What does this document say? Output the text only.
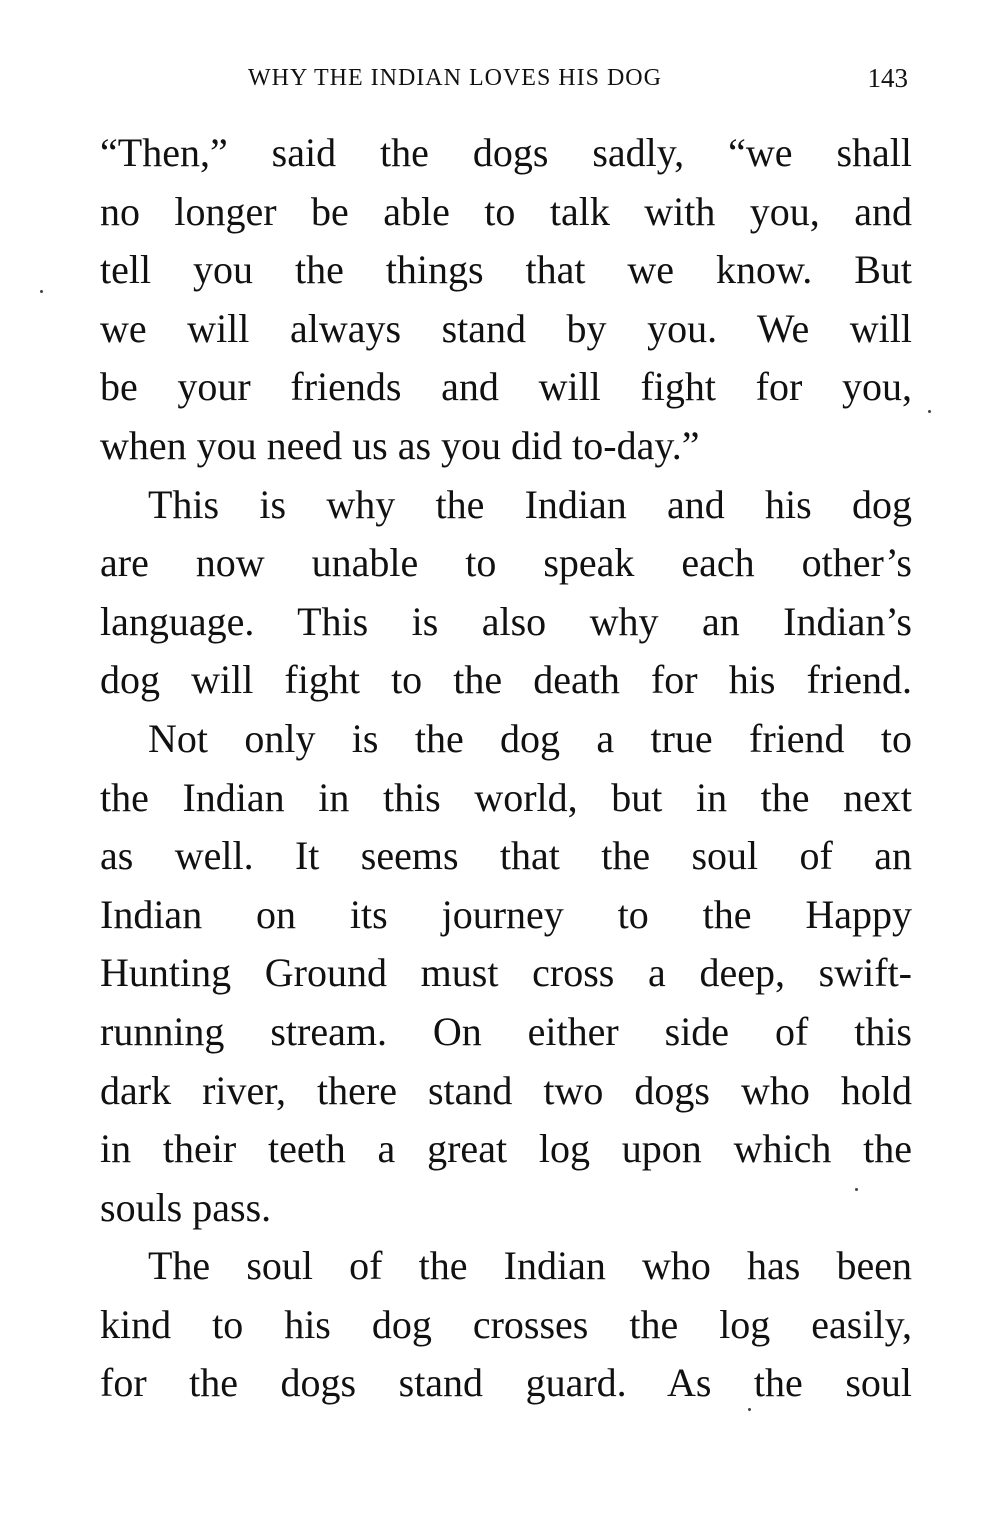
WHY THE INDIAN LOVES HIS DOG	143
“Then,” said the dogs sadly, “we shall
no longer be able to talk with you, and
tell you the things that we know. But
we will always stand by you. We will
be your friends and will fight for you,
when you need us as you did to-day.”
This is why the Indian and his dog
are now unable to speak each other’s
language. This is also why an Indian’s
dog will fight to the death for his friend.
Not only is the dog a true friend to
the Indian in this world, but in the next
as well. It seems that the soul of an
Indian on its journey to the Happy
Hunting Ground must cross a deep, swift-
running stream. On either side of this
dark river, there stand two dogs who hold
in their teeth a great log upon which the
souls pass.
The soul of the Indian who has been
kind to his dog crosses the log easily,
for the dogs stand guard. As the soul
